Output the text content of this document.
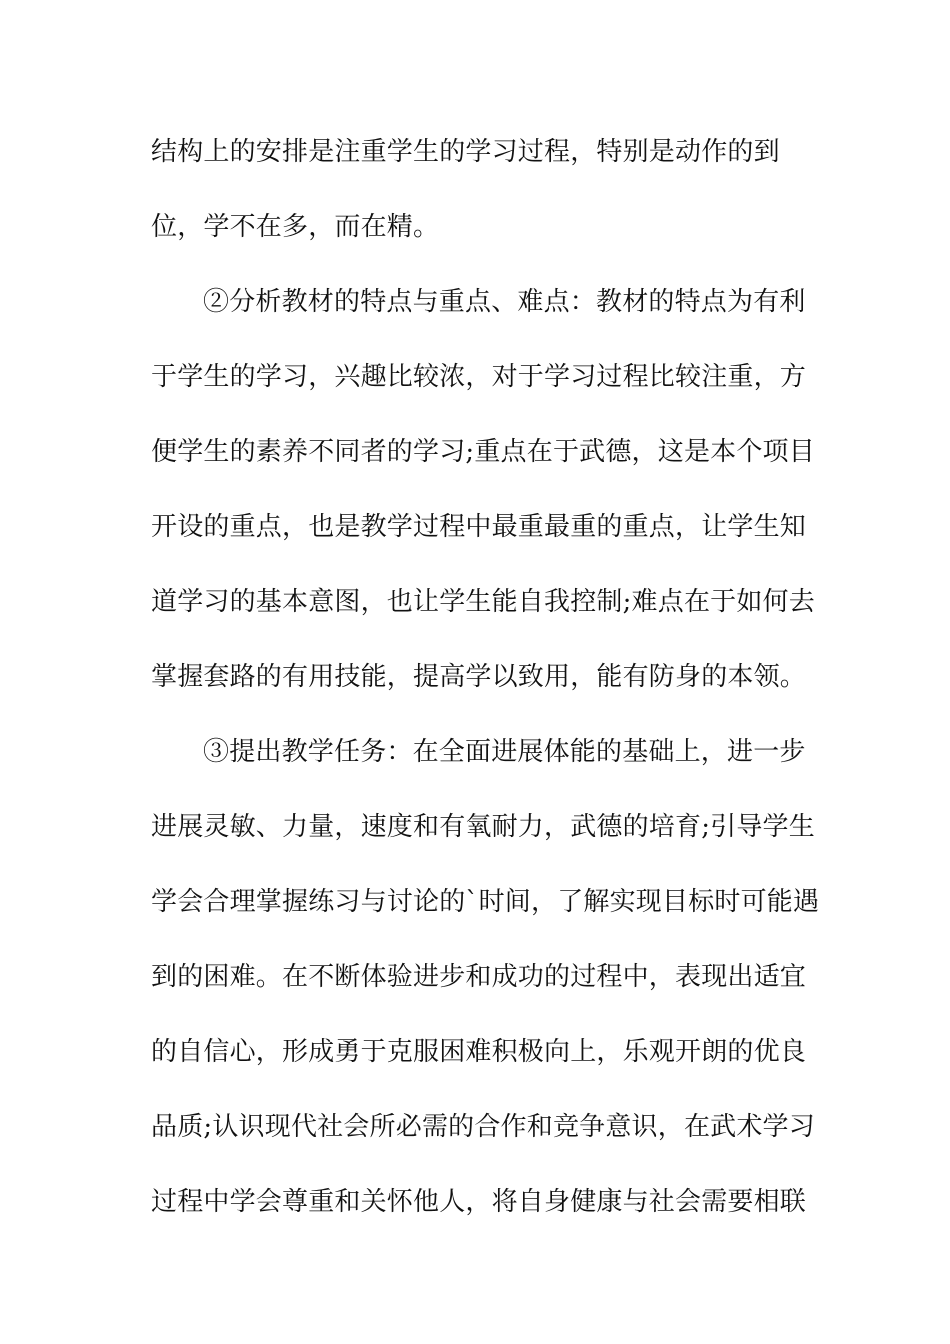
结构上的安排是注重学生的学习过程，特别是动作的到
位，学不在多，而在精。
②分析教材的特点与重点、难点：教材的特点为有利
于学生的学习，兴趣比较浓，对于学习过程比较注重，方
便学生的素养不同者的学习;重点在于武德，这是本个项目
开设的重点，也是教学过程中最重最重的重点，让学生知
道学习的基本意图，也让学生能自我控制;难点在于如何去
掌握套路的有用技能，提高学以致用，能有防身的本领。
③提出教学任务：在全面进展体能的基础上，进一步
进展灵敏、力量，速度和有氧耐力，武德的培育;引导学生
学会合理掌握练习与讨论的`时间，了解实现目标时可能遇
到的困难。在不断体验进步和成功的过程中，表现出适宜
的自信心，形成勇于克服困难积极向上，乐观开朗的优良
品质;认识现代社会所必需的合作和竞争意识，在武术学习
过程中学会尊重和关怀他人，将自身健康与社会需要相联
